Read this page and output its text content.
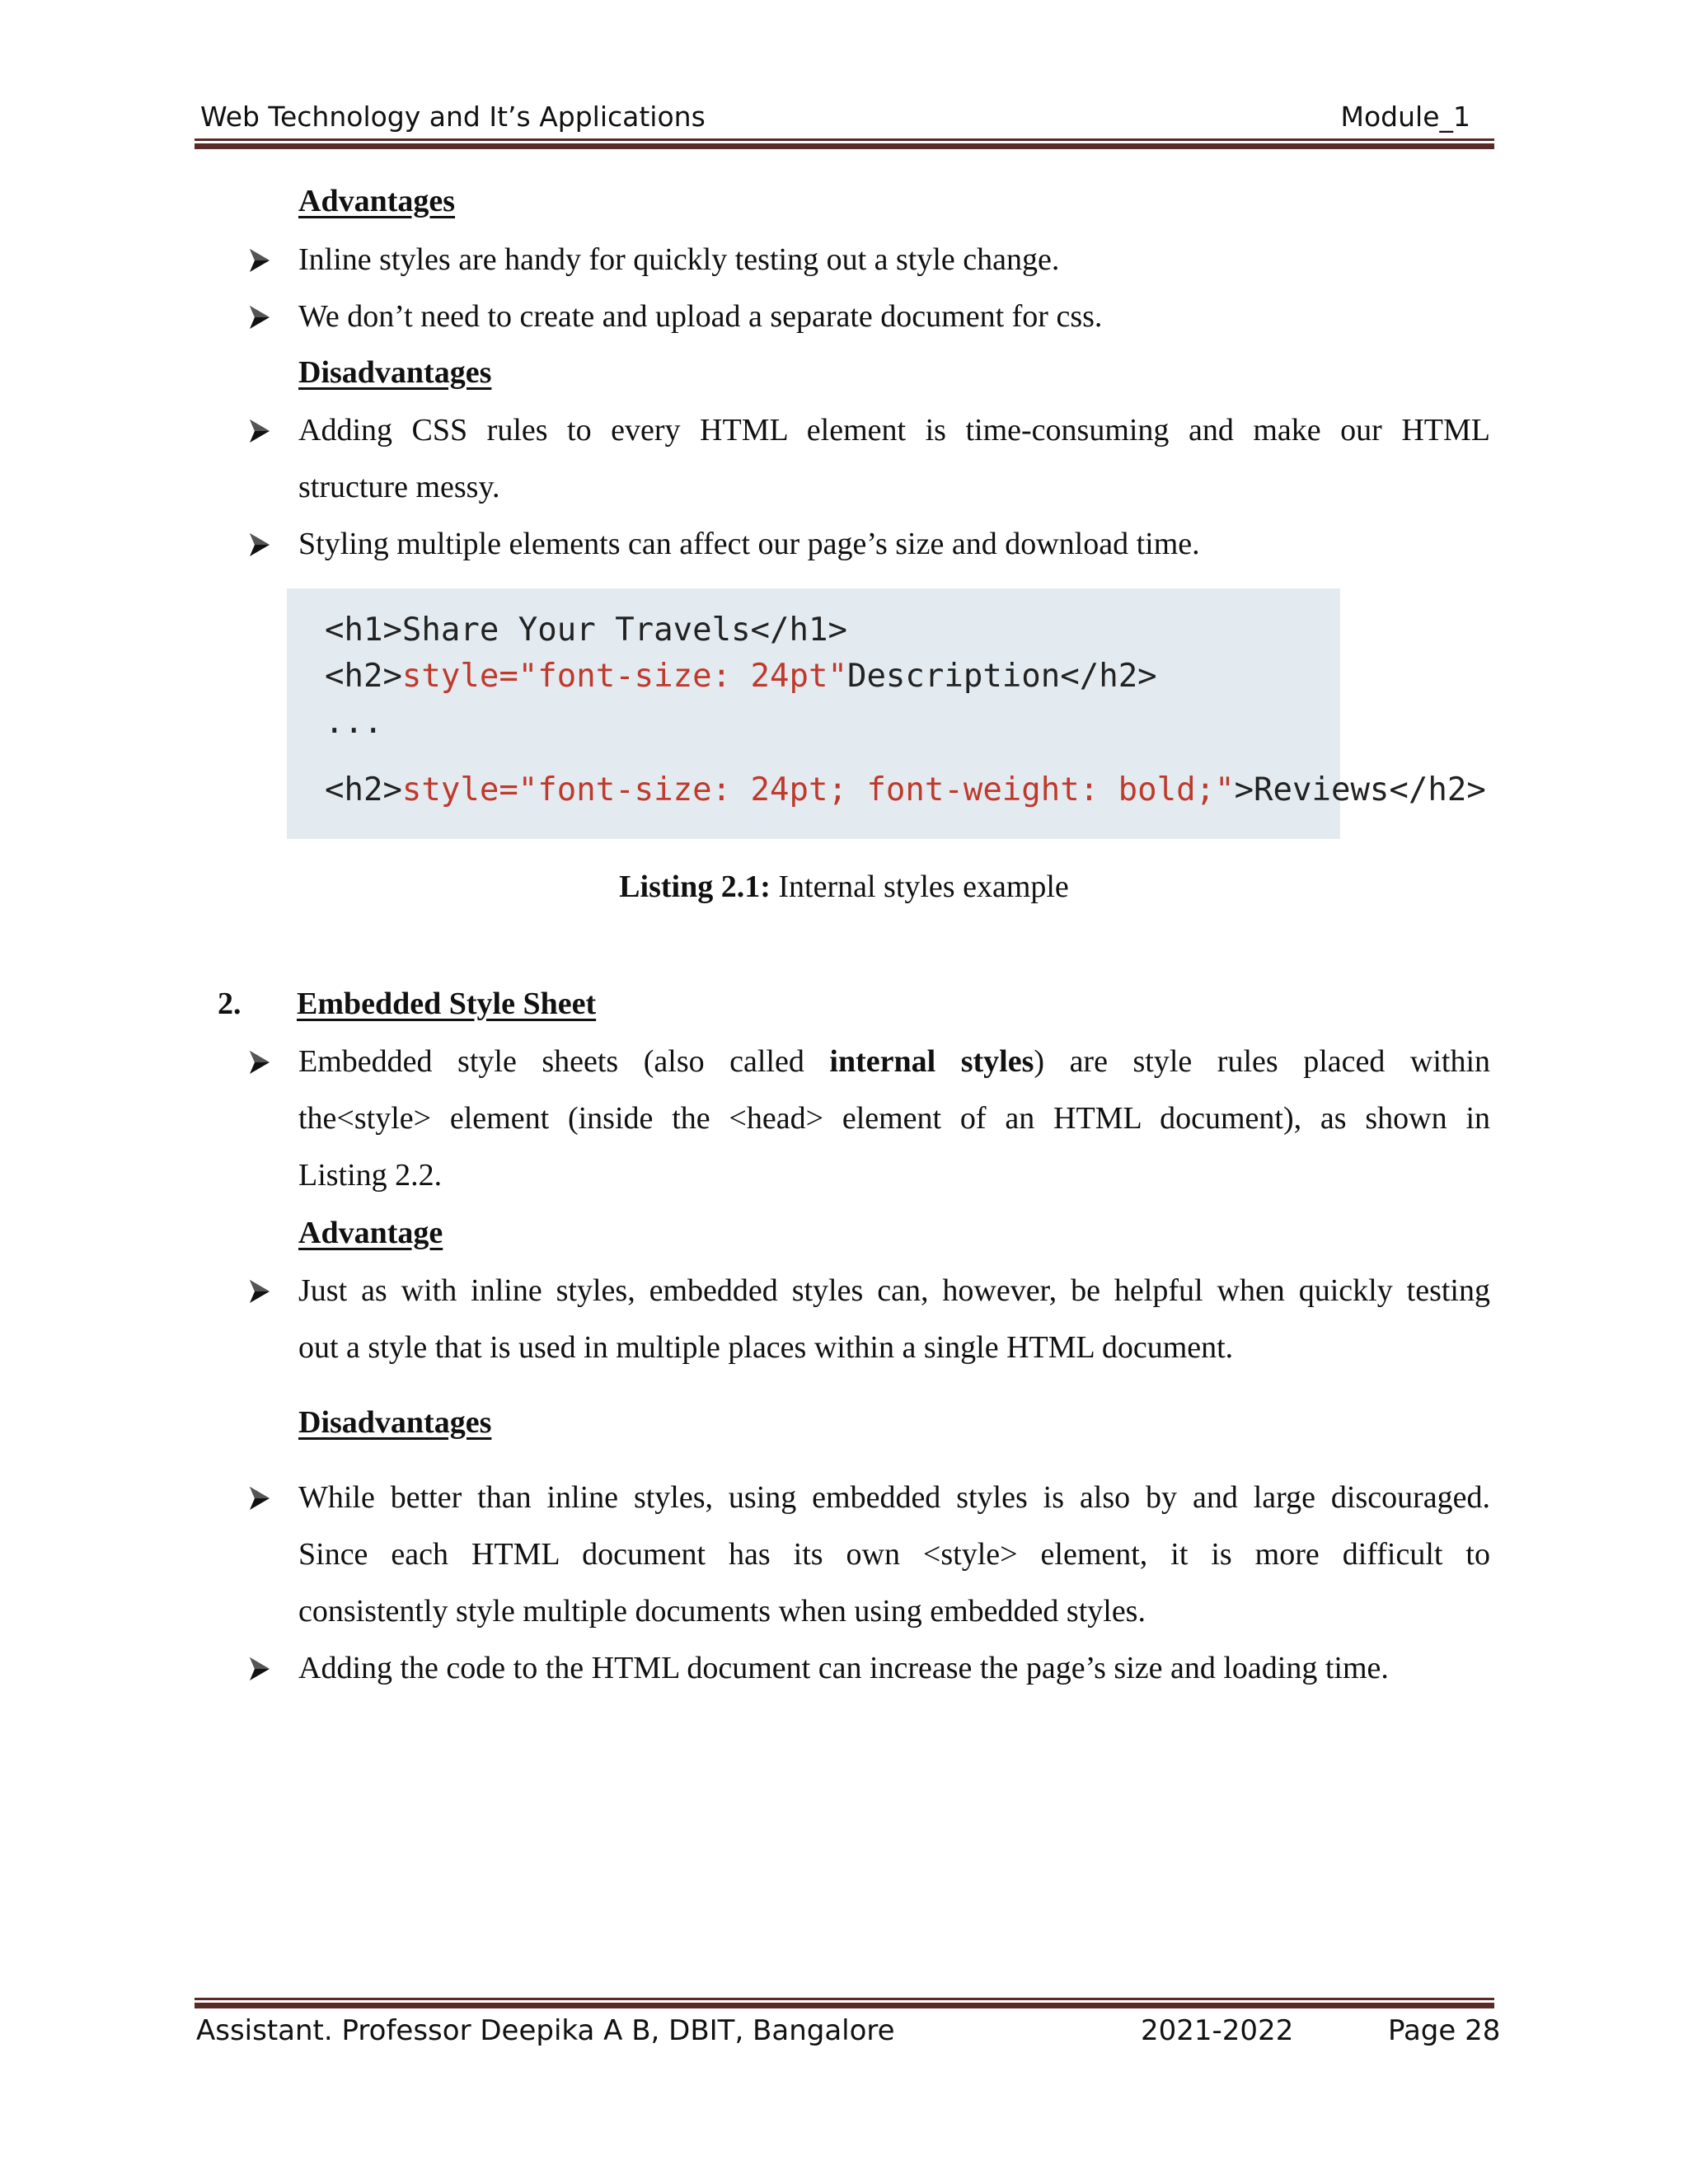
Web Technology and It’s Applications	Module_1
Advantages
Inline styles are handy for quickly testing out a style change.
We don’t need to create and upload a separate document for css.
Disadvantages
Adding CSS rules to every HTML element is time-consuming and make our HTML
structure messy.
Styling multiple elements can affect our page’s size and download time.
<h1>Share Your Travels</h1>
<h2>style="font-size: 24pt"Description</h2>
...
<h2>style="font-size: 24pt; font-weight: bold;">Reviews</h2>
Listing 2.1: Internal styles example
2. Embedded Style Sheet
Embedded style sheets (also called internal styles) are style rules placed within
the<style> element (inside the <head> element of an HTML document), as shown in
Listing 2.2.
Advantage
Just as with inline styles, embedded styles can, however, be helpful when quickly testing
out a style that is used in multiple places within a single HTML document.
Disadvantages
While better than inline styles, using embedded styles is also by and large discouraged.
Since each HTML document has its own <style> element, it is more difficult to
consistently style multiple documents when using embedded styles.
Adding the code to the HTML document can increase the page’s size and loading time.
Assistant. Professor Deepika A B, DBIT, Bangalore	2021-2022	Page 28
